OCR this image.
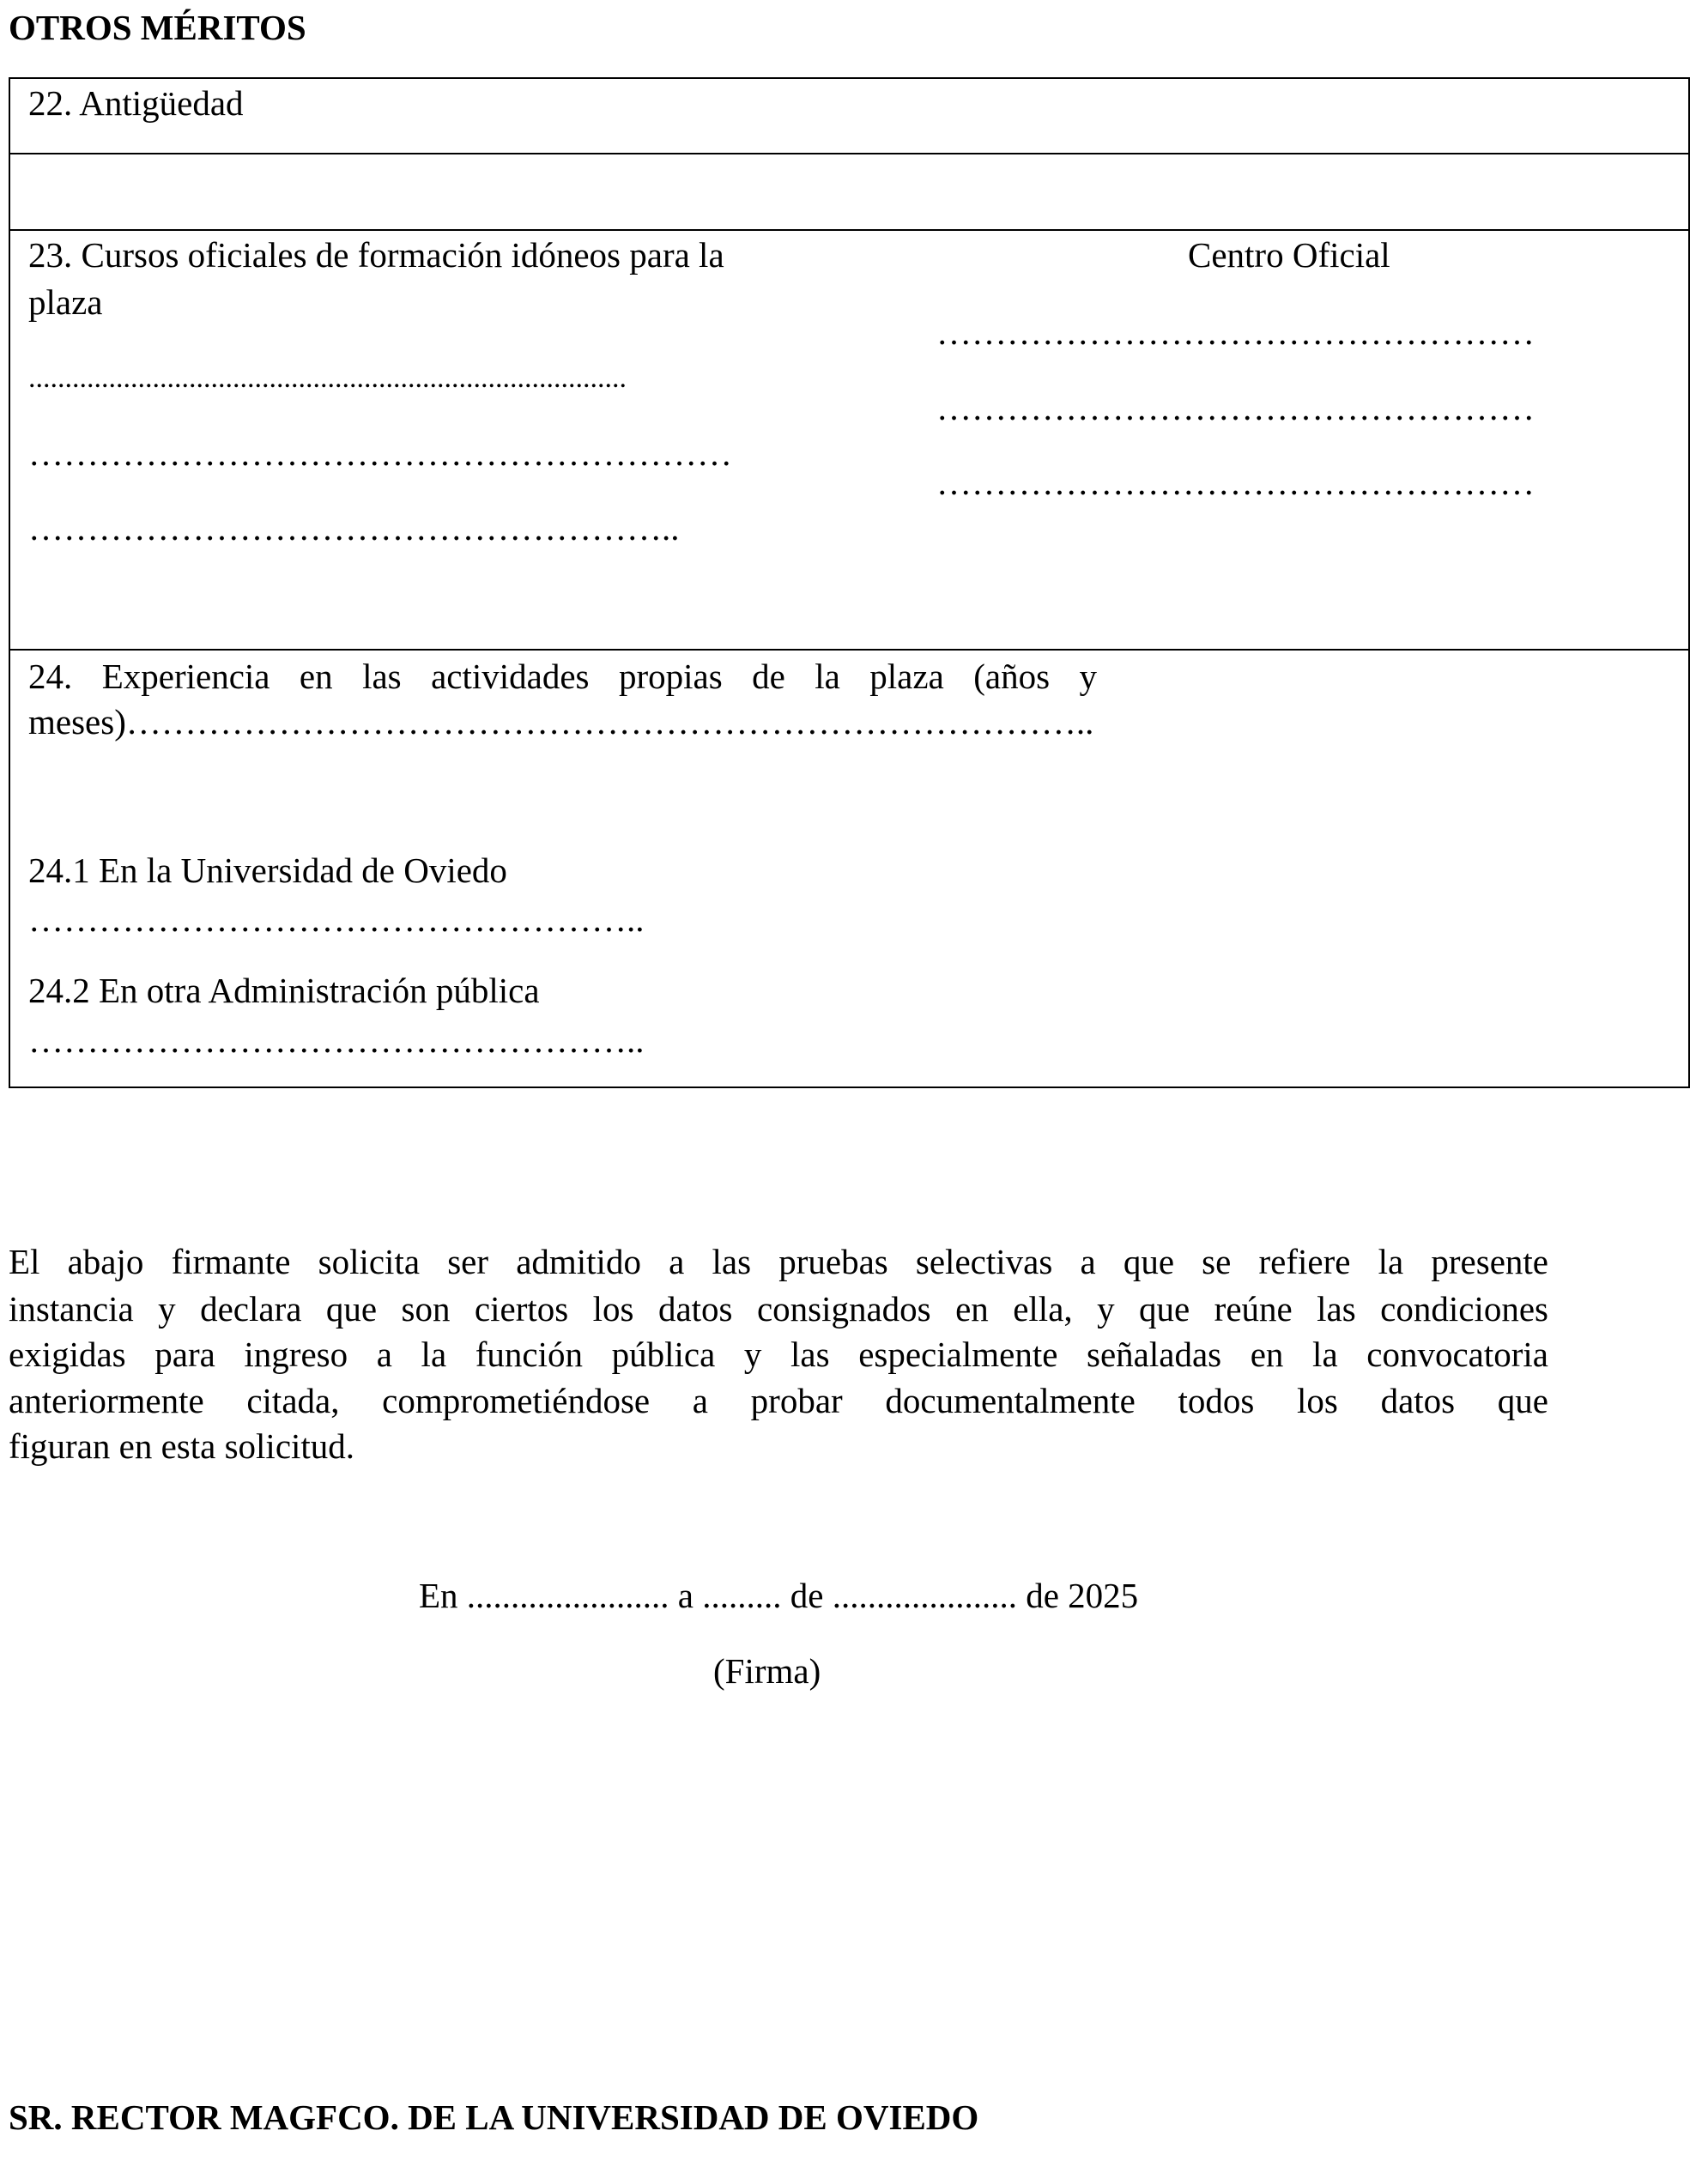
OTROS MÉRITOS
22. Antigüedad
23. Cursos oficiales de formación idóneos para la
plaza
..................................................................................
……………………………………………………
………………………………………………..
Centro Oficial
……………………………………………
……………………………………………
……………………………………………
24. Experiencia en las actividades propias de la plaza (años y
meses)………………………………………………………………………..
24.1 En la Universidad de Oviedo
……………………………………………..
24.2 En otra Administración pública
……………………………………………..
El abajo firmante solicita ser admitido a las pruebas selectivas a que se refiere la presente
instancia y declara que son ciertos los datos consignados en ella, y que reúne las condiciones
exigidas para ingreso a la función pública y las especialmente señaladas en la convocatoria
anteriormente citada, comprometiéndose a probar documentalmente todos los datos que
figuran en esta solicitud.
En ....................... a ......... de ..................... de 2025
(Firma)
SR. RECTOR MAGFCO. DE LA UNIVERSIDAD DE OVIEDO
